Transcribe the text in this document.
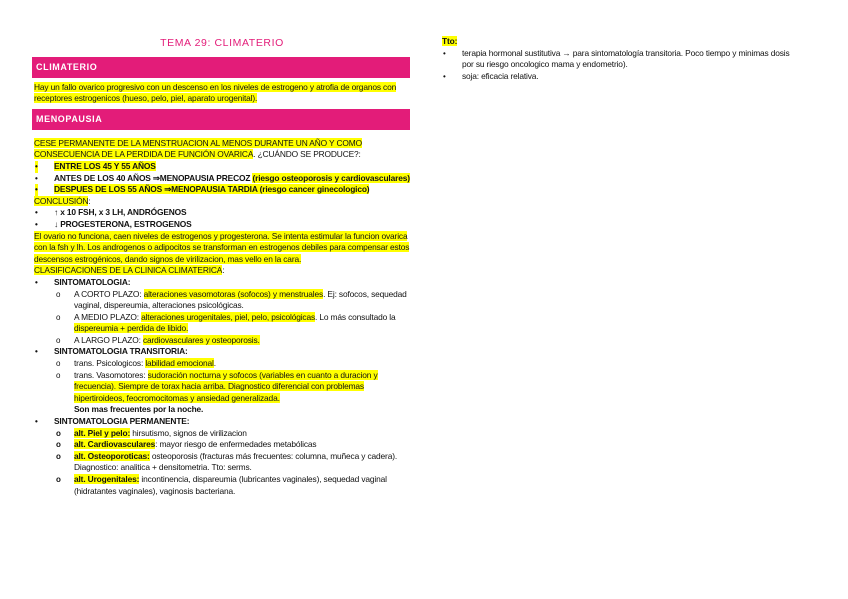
TEMA 29: CLIMATERIO
CLIMATERIO
Hay un fallo ovarico progresivo con un descenso en los niveles de estrogeno y atrofia de organos con receptores estrogenicos (hueso, pelo, piel, aparato urogenital).
MENOPAUSIA
CESE PERMANENTE DE LA MENSTRUACION AL MENOS DURANTE UN AÑO Y COMO CONSECUENCIA DE LA PERDIDA DE FUNCIÓN OVARICA. ¿CUÁNDO SE PRODUCE?:
• ENTRE LOS 45 Y 55 AÑOS
• ANTES DE LOS 40 AÑOS ⇒MENOPAUSIA PRECOZ (riesgo osteoporosis y cardiovasculares)
• DESPUES DE LOS 55 AÑOS ⇒MENOPAUSIA TARDIA (riesgo cancer ginecologico)
CONCLUSIÓN:
• ↑ x 10 FSH, x 3 LH, ANDRÓGENOS
• ↓ PROGESTERONA, ESTROGENOS
El ovario no funciona, caen niveles de estrogenos y progesterona. Se intenta estimular la funcion ovarica con la fsh y lh. Los androgenos o adipocitos se transforman en estrogenos debiles para compensar estos descensos estrogénicos, dando signos de virilizacion, mas vello en la cara.
CLASIFICACIONES DE LA CLINICA CLIMATERICA:
• SINTOMATOLOGIA:
o A CORTO PLAZO: alteraciones vasomotoras (sofocos) y menstruales. Ej: sofocos, sequedad vaginal, dispereumia, alteraciones psicológicas.
o A MEDIO PLAZO: alteraciones urogenitales, piel, pelo, psicológicas. Lo más consultado la dispereumia + perdida de libido.
o A LARGO PLAZO: cardiovasculares y osteoporosis.
• SINTOMATOLOGIA TRANSITORIA:
o trans. Psicologicos: labilidad emocional.
o trans. Vasomotores: sudoración nocturna y sofocos (variables en cuanto a duracion y frecuencia). Siempre de torax hacia arriba. Diagnostico diferencial con problemas hipertiroideos, feocromocitomas y ansiedad generalizada.
Son mas frecuentes por la noche.
• SINTOMATOLOGIA PERMANENTE:
o alt. Piel y pelo: hirsutismo, signos de virilizacion
o alt. Cardiovasculares: mayor riesgo de enfermedades metabólicas
o alt. Osteoporoticas: osteoporosis (fracturas más frecuentes: columna, muñeca y cadera). Diagnostico: analitica + densitometria. Tto: serms.
o alt. Urogenitales: incontinencia, dispareumia (lubricantes vaginales), sequedad vaginal (hidratantes vaginales), vaginosis bacteriana.
Tto:
• terapia hormonal sustitutiva → para sintomatología transitoria. Poco tiempo y minimas dosis por su riesgo oncologico mama y endometrio).
• soja: eficacia relativa.
